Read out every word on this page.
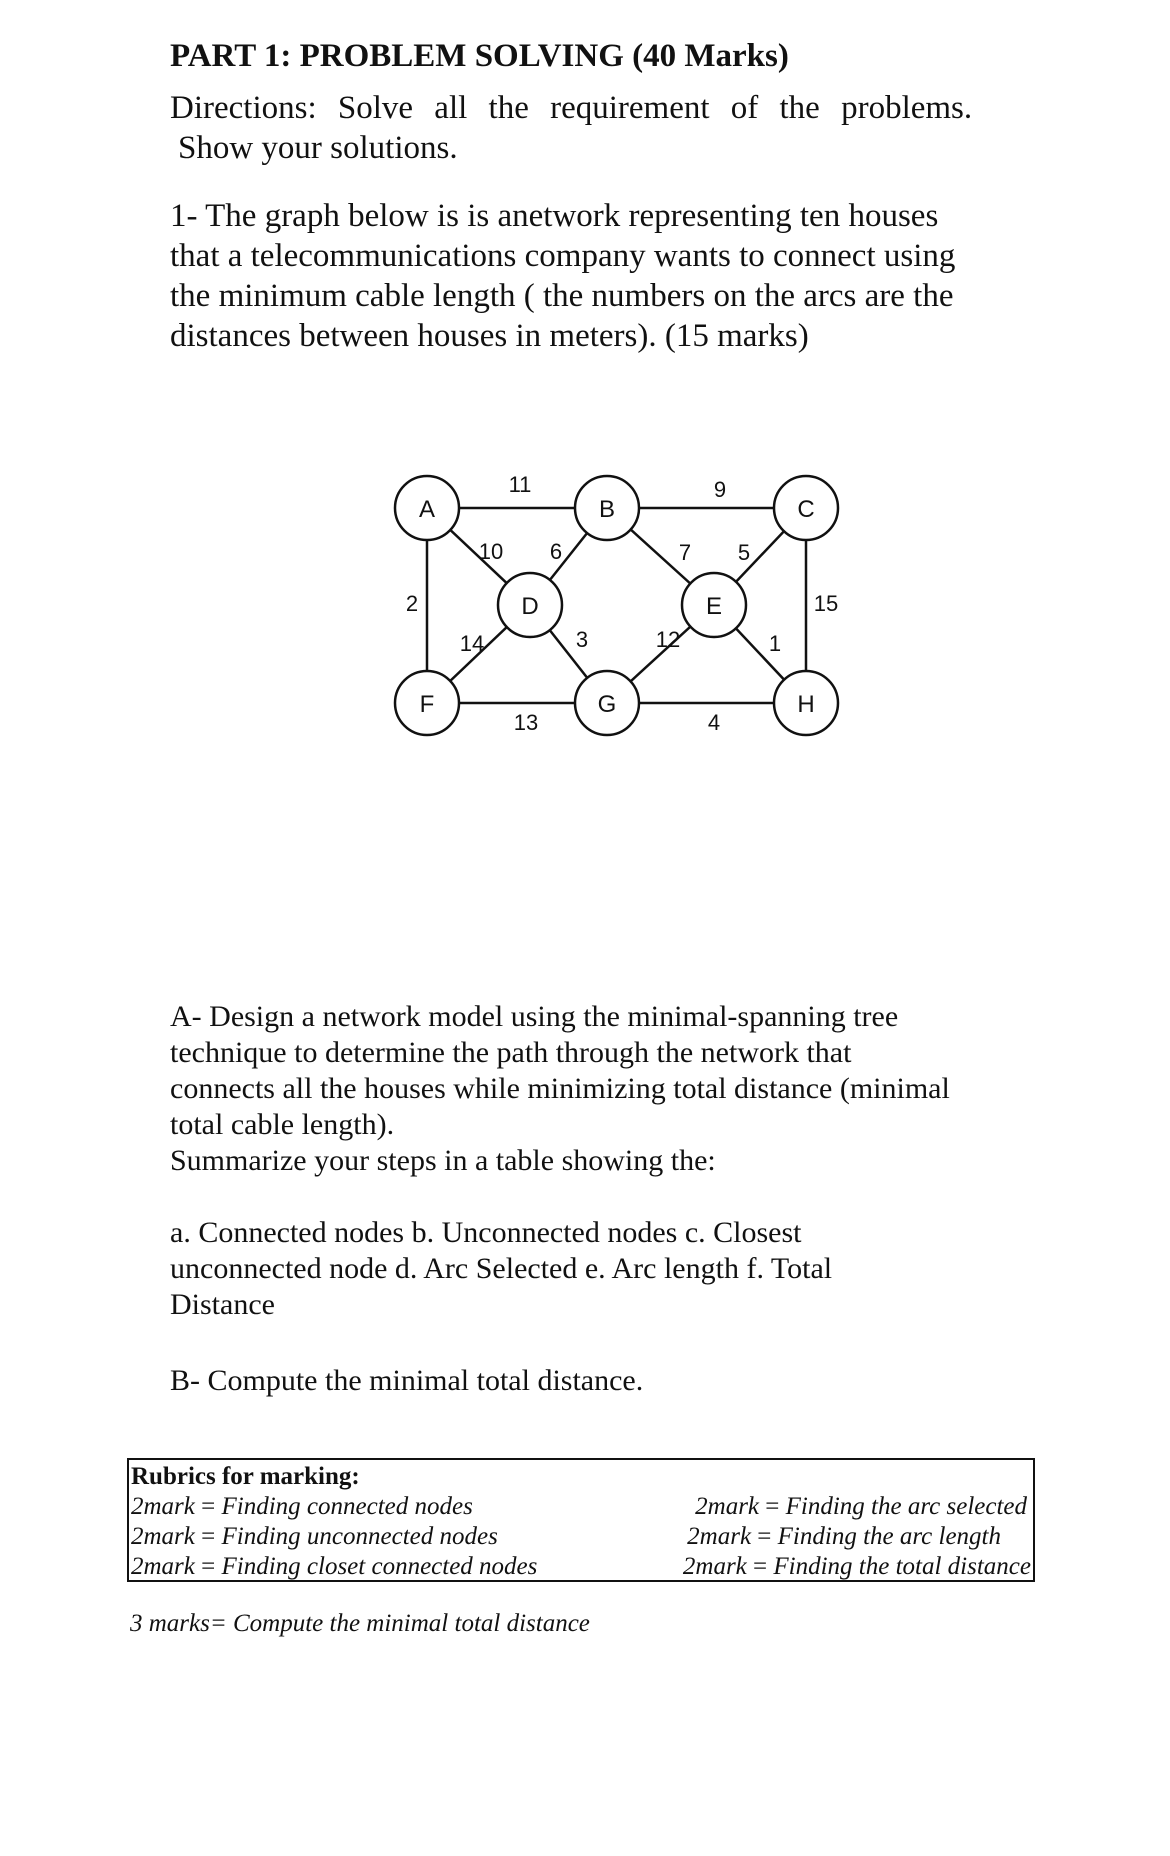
PART 1: PROBLEM SOLVING (40 Marks)
Directions: Solve all the requirement of the problems.
Show your solutions.
1- The graph below is is anetwork representing ten houses
that a telecommunications company wants to connect using
the minimum cable length ( the numbers on the arcs are the
distances between houses in meters). (15 marks)
11	9
2	15
13	4
10 6
14	3
7 5
12	1
A	B	C
D	E
F	G	H
A- Design a network model using the minimal-spanning tree
technique to determine the path through the network that
connects all the houses while minimizing total distance (minimal
total cable length).
Summarize your steps in a table showing the:
a. Connected nodes b. Unconnected nodes c. Closest
unconnected node d. Arc Selected e. Arc length f. Total
Distance
B- Compute the minimal total distance.
Rubrics for marking:
2mark = Finding connected nodes
2mark = Finding unconnected nodes
2mark = Finding closet connected nodes
2mark = Finding the arc selected
2mark = Finding the arc length
2mark = Finding the total distance
3 marks= Compute the minimal total distance
